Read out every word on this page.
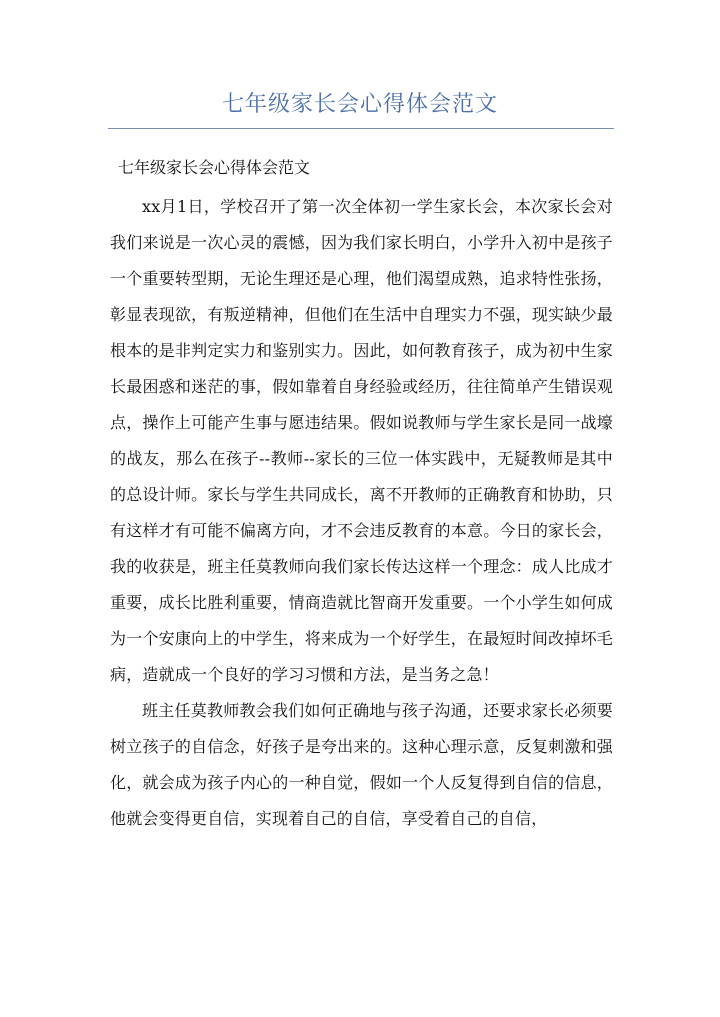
七年级家长会心得体会范文

七年级家长会心得体会范文

xx月1日，学校召开了第一次全体初一学生家长会，本次家长会对我们来说是一次心灵的震憾，因为我们家长明白，小学升入初中是孩子一个重要转型期，无论生理还是心理，他们渴望成熟，追求特性张扬，彰显表现欲，有叛逆精神，但他们在生活中自理实力不强，现实缺少最根本的是非判定实力和鉴别实力。因此，如何教育孩子，成为初中生家长最困惑和迷茫的事，假如靠着自身经验或经历，往往简单产生错误观点，操作上可能产生事与愿违结果。假如说教师与学生家长是同一战壕的战友，那么在孩子--教师--家长的三位一体实践中，无疑教师是其中的总设计师。家长与学生共同成长，离不开教师的正确教育和协助，只有这样才有可能不偏离方向，才不会违反教育的本意。今日的家长会，我的收获是，班主任莫教师向我们家长传达这样一个理念：成人比成才重要，成长比胜利重要，情商造就比智商开发重要。一个小学生如何成为一个安康向上的中学生，将来成为一个好学生，在最短时间改掉坏毛病，造就成一个良好的学习习惯和方法，是当务之急！

班主任莫教师教会我们如何正确地与孩子沟通，还要求家长必须要树立孩子的自信念，好孩子是夸出来的。这种心理示意，反复刺激和强化，就会成为孩子内心的一种自觉，假如一个人反复得到自信的信息，他就会变得更自信，实现着自己的自信，享受着自己的自信，
